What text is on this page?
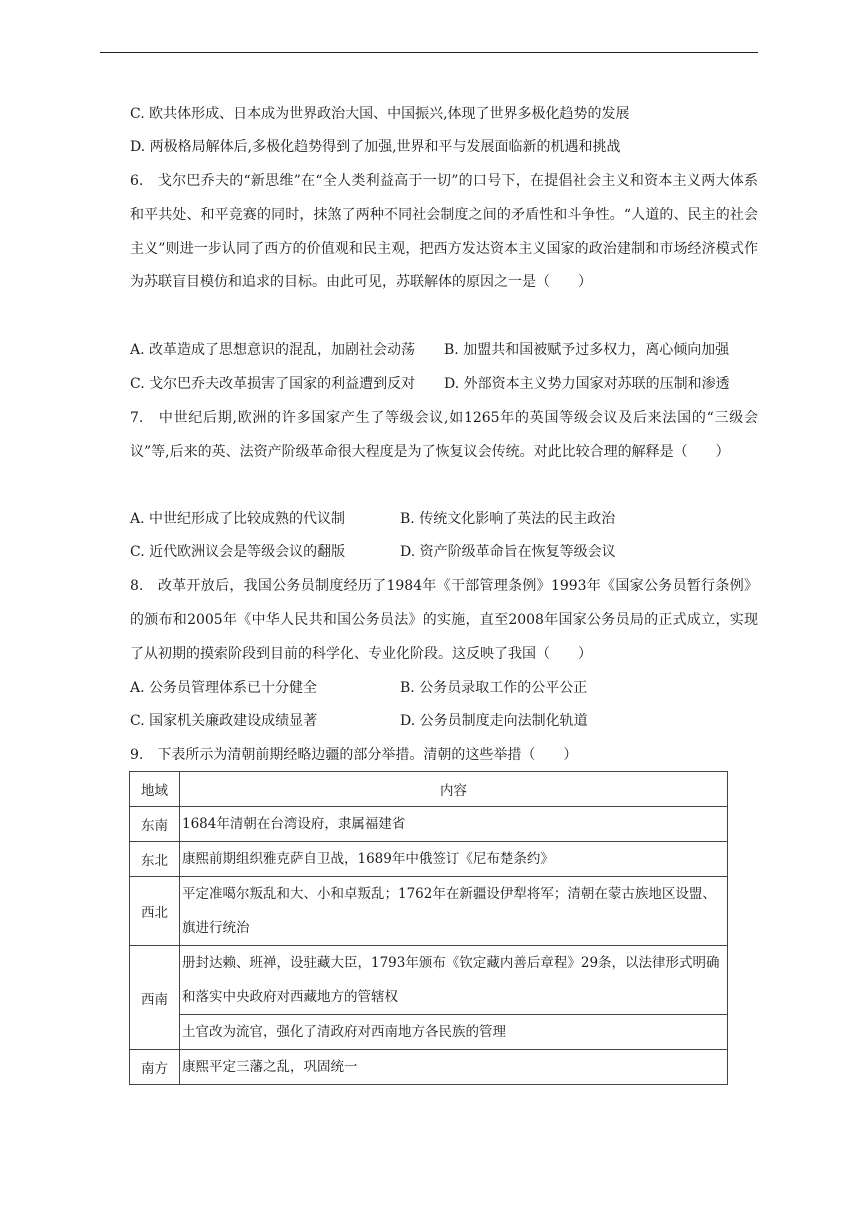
C. 欧共体形成、日本成为世界政治大国、中国振兴,体现了世界多极化趋势的发展
D. 两极格局解体后,多极化趋势得到了加强,世界和平与发展面临新的机遇和挑战
6.　戈尔巴乔夫的“新思维”在“全人类利益高于一切”的口号下，在提倡社会主义和资本主义两大体系和平共处、和平竞赛的同时，抹煞了两种不同社会制度之间的矛盾性和斗争性。“人道的、民主的社会主义”则进一步认同了西方的价值观和民主观，把西方发达资本主义国家的政治建制和市场经济模式作为苏联盲目模仿和追求的目标。由此可见，苏联解体的原因之一是（　　）
A. 改革造成了思想意识的混乱，加剧社会动荡 B. 加盟共和国被赋予过多权力，离心倾向加强
C. 戈尔巴乔夫改革损害了国家的利益遭到反对 D. 外部资本主义势力国家对苏联的压制和渗透
7.　中世纪后期,欧洲的许多国家产生了等级会议,如1265年的英国等级会议及后来法国的“三级会议”等,后来的英、法资产阶级革命很大程度是为了恢复议会传统。对此比较合理的解释是（　　）
A. 中世纪形成了比较成熟的代议制	B. 传统文化影响了英法的民主政治
C. 近代欧洲议会是等级会议的翻版	D. 资产阶级革命旨在恢复等级会议
8.　改革开放后，我国公务员制度经历了1984年《干部管理条例》1993年《国家公务员暂行条例》的颁布和2005年《中华人民共和国公务员法》的实施，直至2008年国家公务员局的正式成立，实现了从初期的摸索阶段到目前的科学化、专业化阶段。这反映了我国（　　）
A. 公务员管理体系已十分健全	B. 公务员录取工作的公平公正
C. 国家机关廉政建设成绩显著	D. 公务员制度走向法制化轨道
9.　下表所示为清朝前期经略边疆的部分举措。清朝的这些举措（　　）
地域	内容
东南	1684年清朝在台湾设府，隶属福建省
东北	康熙前期组织雅克萨自卫战，1689年中俄签订《尼布楚条约》
西北	平定准噶尔叛乱和大、小和卓叛乱；1762年在新疆设伊犁将军；清朝在蒙古族地区设盟、旗进行统治
西南	册封达赖、班禅，设驻藏大臣，1793年颁布《钦定藏内善后章程》29条，以法律形式明确和落实中央政府对西藏地方的管辖权
	土官改为流官，强化了清政府对西南地方各民族的管理
南方	康熙平定三藩之乱，巩固统一
